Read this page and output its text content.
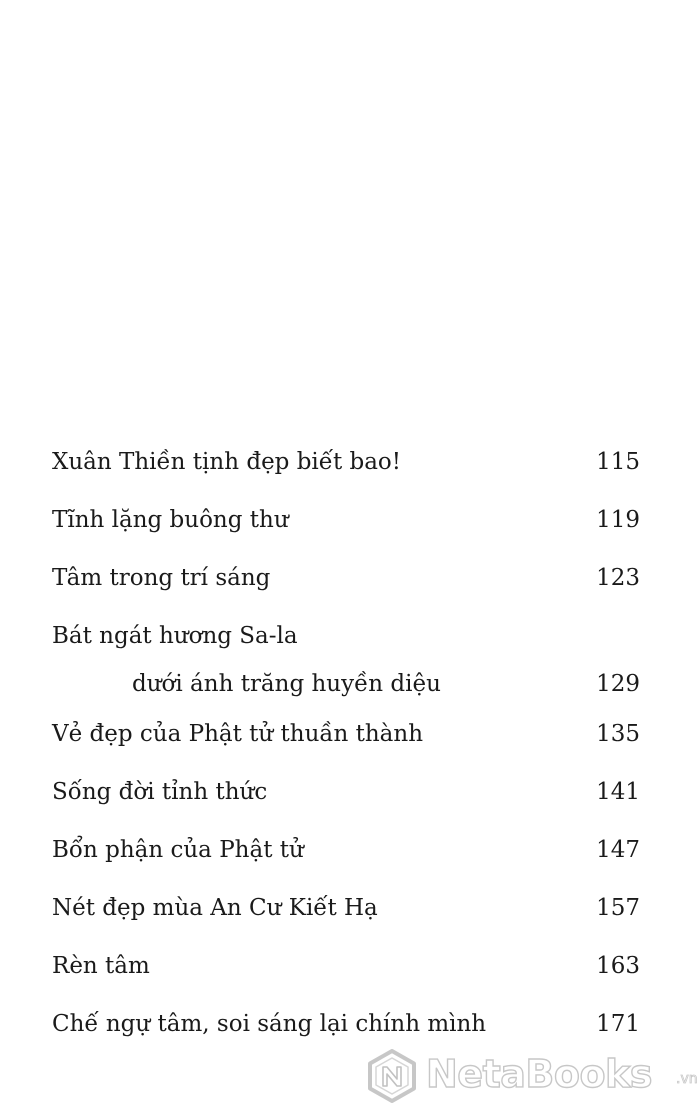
Xuân Thiền tịnh đẹp biết bao!	115
Tĩnh lặng buông thư	119
Tâm trong trí sáng	123
Bát ngát hương Sa-la
dưới ánh trăng huyền diệu	129
Vẻ đẹp của Phật tử thuần thành	135
Sống đời tỉnh thức	141
Bổn phận của Phật tử	147
Nét đẹp mùa An Cư Kiết Hạ	157
Rèn tâm	163
Chế ngự tâm, soi sáng lại chính mình	171
NetaBooks .vn
